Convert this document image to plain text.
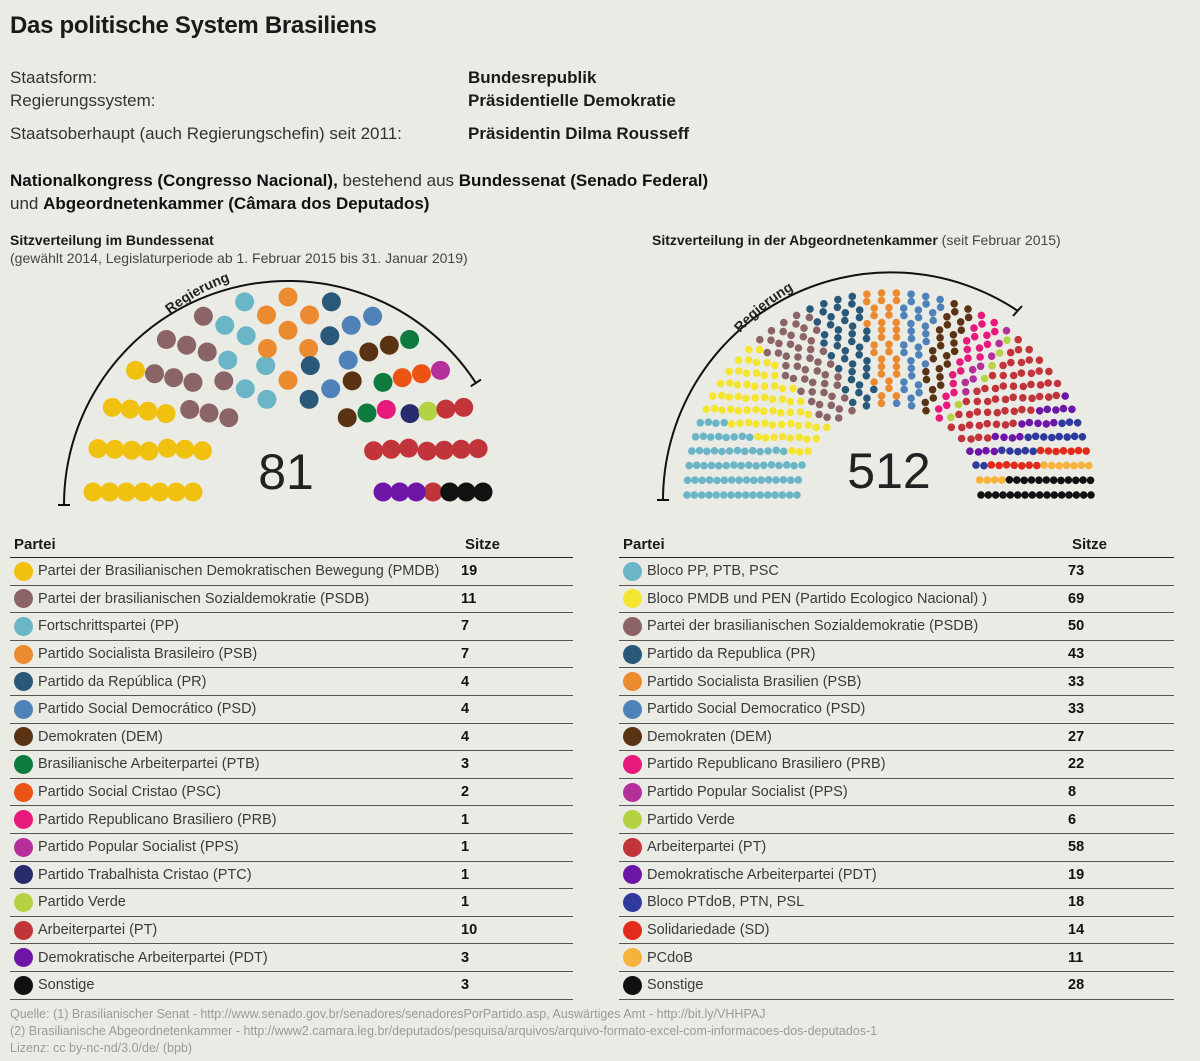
Das politische System Brasiliens
Staatsform:	Bundesrepublik
Regierungssystem:	Präsidentielle Demokratie
Staatsoberhaupt (auch Regierungschefin) seit 2011:	Präsidentin Dilma Rousseff
Nationalkongress (Congresso Nacional), bestehend aus Bundessenat (Senado Federal)
und Abgeordnetenkammer (Câmara dos Deputados)
Sitzverteilung im Bundessenat
(gewählt 2014, Legislaturperiode ab 1. Februar 2015 bis 31. Januar 2019)
Sitzverteilung in der Abgeordnetenkammer (seit Februar 2015)
Regierung
81
Regierung
512
Partei		Sitze
	Partei der Brasilianischen Demokratischen Bewegung (PMDB)	19
	Partei der brasilianischen Sozialdemokratie (PSDB)	11
	Fortschrittspartei (PP)	7
	Partido Socialista Brasileiro (PSB)	7
	Partido da República (PR)	4
	Partido Social Democrático (PSD)	4
	Demokraten (DEM)	4
	Brasilianische Arbeiterpartei (PTB)	3
	Partido Social Cristao (PSC)	2
	Partido Republicano Brasiliero (PRB)	1
	Partido Popular Socialist (PPS)	1
	Partido Trabalhista Cristao (PTC)	1
	Partido Verde	1
	Arbeiterpartei (PT)	10
	Demokratische Arbeiterpartei (PDT)	3
	Sonstige	3
Partei		Sitze
	Bloco PP, PTB, PSC	73
	Bloco PMDB und PEN (Partido Ecologico Nacional) )	69
	Partei der brasilianischen Sozialdemokratie (PSDB)	50
	Partido da Republica (PR)	43
	Partido Socialista Brasilien (PSB)	33
	Partido Social Democratico (PSD)	33
	Demokraten (DEM)	27
	Partido Republicano Brasiliero (PRB)	22
	Partido Popular Socialist (PPS)	8
	Partido Verde	6
	Arbeiterpartei (PT)	58
	Demokratische Arbeiterpartei (PDT)	19
	Bloco PTdoB, PTN, PSL	18
	Solidariedade (SD)	14
	PCdoB	11
	Sonstige	28
Quelle: (1) Brasilianischer Senat - http://www.senado.gov.br/senadores/senadoresPorPartido.asp, Auswärtiges Amt - http://bit.ly/VHHPAJ
(2) Brasilianische Abgeordnetenkammer - http://www2.camara.leg.br/deputados/pesquisa/arquivos/arquivo-formato-excel-com-informacoes-dos-deputados-1
Lizenz: cc by-nc-nd/3.0/de/ (bpb)
